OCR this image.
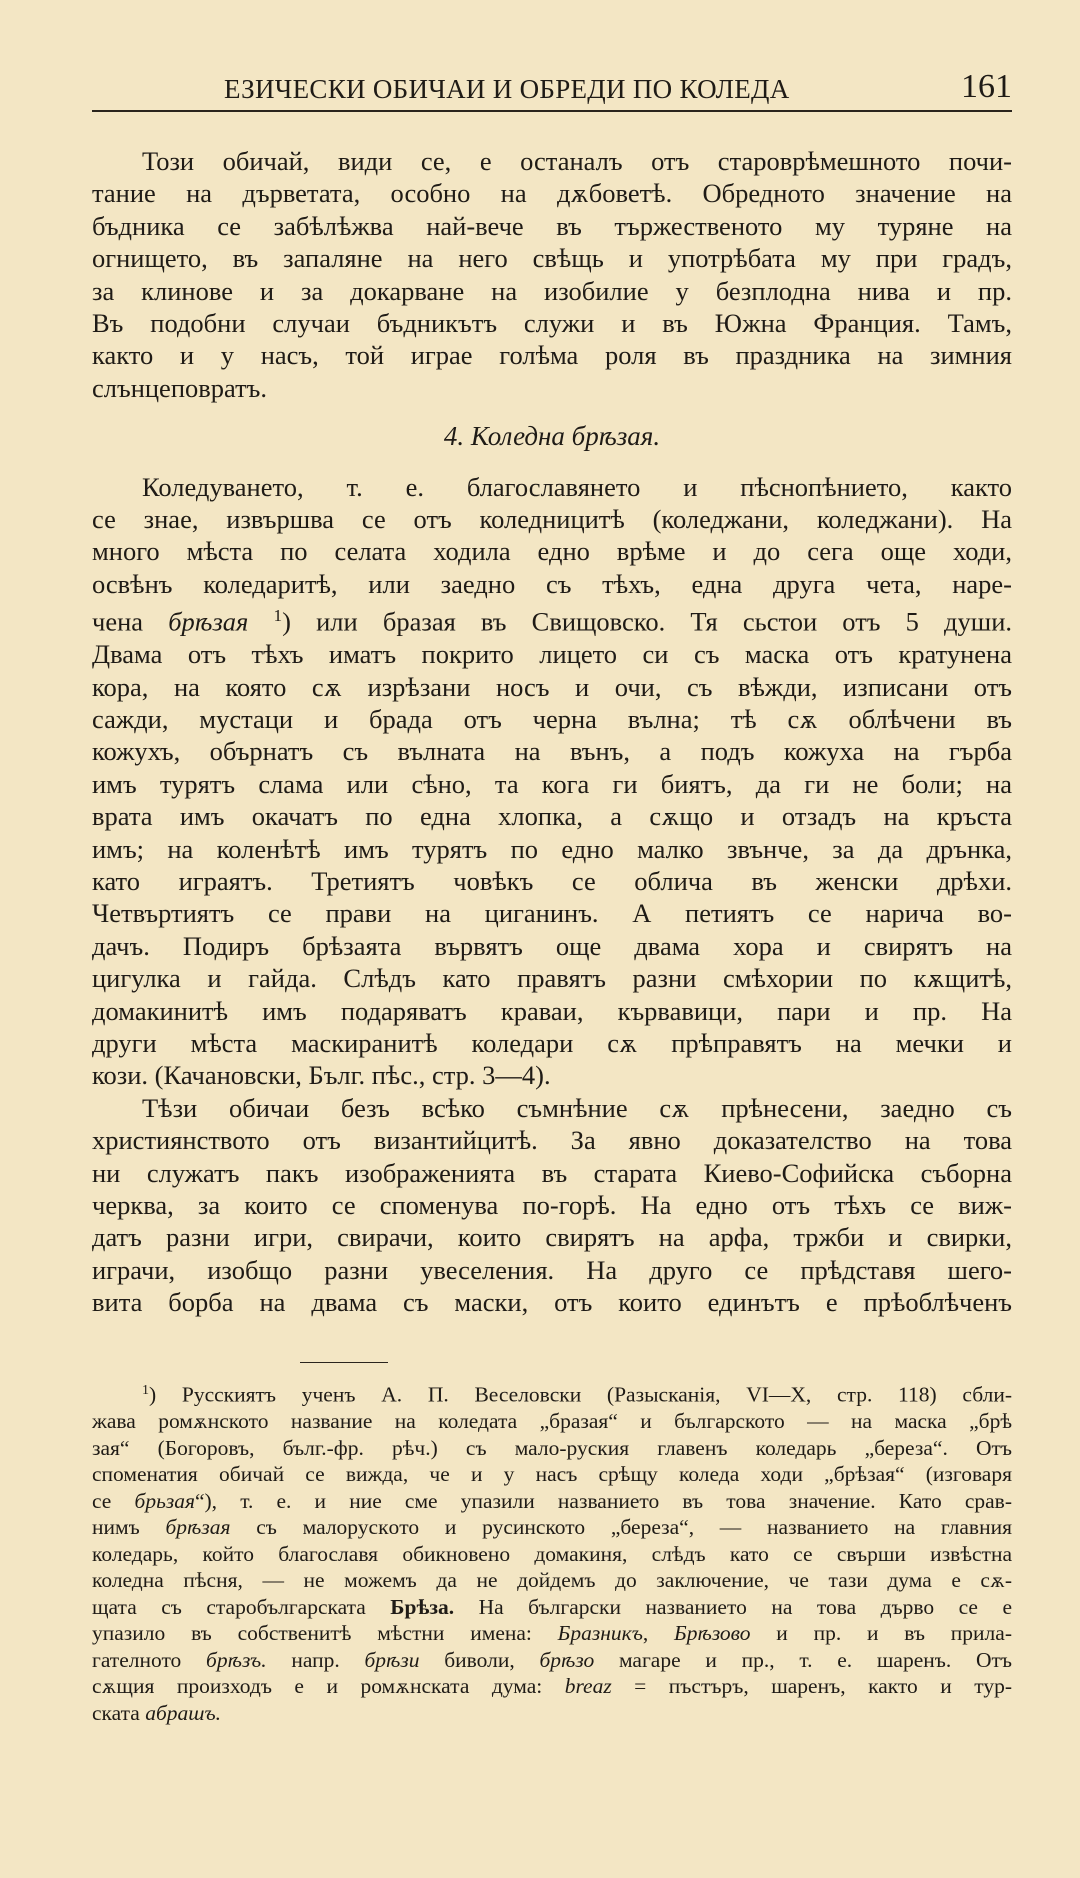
ЕЗИЧЕСКИ ОБИЧАИ И ОБРЕДИ ПО КОЛЕДА	161
Този обичай, види се, е останалъ отъ староврѣмешното почи-
тание на дърветата, особно на дѫбоветѣ. Обредното значение на
бъдника се забѣлѣжва най-вече въ тържественото му туряне на
огнището, въ запаляне на него свѣщь и употрѣбата му при градъ,
за клинове и за докарване на изобилие у безплодна нива и пр.
Въ подобни случаи бъдникътъ служи и въ Южна Франция. Тамъ,
както и у насъ, той играе голѣма роля въ праздника на зимния
слънцеповратъ.
4. Коледна брѣзая.
Коледуването, т. е. благославянето и пѣснопѣнието, както
се знае, извършва се отъ коледницитѣ (коледжани, коледжани). На
много мѣста по селата ходила едно врѣме и до сега още ходи,
освѣнъ коледаритѣ, или заедно съ тѣхъ, една друга чета, наре-
чена брѣзая $^1$) или бразая въ Свищовско. Тя сьстои отъ 5 души.
Двама отъ тѣхъ иматъ покрито лицето си съ маска отъ кратунена
кора, на която сѫ изрѣзани носъ и очи, съ вѣжди, изписани отъ
сажди, мустаци и брада отъ черна вълна; тѣ сѫ облѣчени въ
кожухъ, обърнатъ съ вълната на вънъ, а подъ кожуха на гърба
имъ турятъ слама или сѣно, та кога ги биятъ, да ги не боли; на
врата имъ окачатъ по една хлопка, а сѫщо и отзадъ на кръста
имъ; на коленѣтѣ имъ турятъ по едно малко звънче, за да дрънка,
като играятъ. Третиятъ човѣкъ се облича въ женски дрѣхи.
Четвъртиятъ се прави на циганинъ. А петиятъ се нарича во-
дачъ. Подиръ брѣзаята вървятъ още двама хора и свирятъ на
цигулка и гайда. Слѣдъ като правятъ разни смѣхории по кѫщитѣ,
домакинитѣ имъ подаряватъ краваи, кървавици, пари и пр. На
други мѣста маскиранитѣ коледари сѫ прѣправятъ на мечки и
кози. (Качановски, Бълг. пѣс., стр. 3—4).
Тѣзи обичаи безъ всѣко съмнѣние сѫ прѣнесени, заедно съ
християнството отъ византийцитѣ. За явно доказателство на това
ни служатъ пакъ изображенията въ старата Киево-Софийска съборна
черква, за които се споменува по-горѣ. На едно отъ тѣхъ се виж-
датъ разни игри, свирачи, които свирятъ на арфа, тржби и свирки,
играчи, изобщо разни увеселения. На друго се прѣдставя шего-
вита борба на двама съ маски, отъ които единътъ е прѣоблѣченъ
$^1$) Русскиятъ ученъ А. П. Веселовски (Разысканія, VI—X, стр. 118) сбли-
жава ромѫнското название на коледата „бразая“ и българското — на маска „брѣ
зая“ (Богоровъ, бълг.-фр. рѣч.) съ мало-руския главенъ коледарь „береза“. Отъ
споменатия обичай се вижда, че и у насъ срѣщу коледа ходи „брѣзая“ (изговаря
се брьзая“), т. е. и ние сме упазили названието въ това значение. Като срав-
нимъ брѣзая съ малорускoто и русинското „береза“, — названието на главния
коледарь, който благославя обикновено домакиня, слѣдъ като се свърши извѣстна
коледна пѣсня, — не можемъ да не дойдемъ до заключение, че тази дума е сѫ-
щата съ старобългарската Брѣза. На български названието на това дърво се е
упазило въ собственитѣ мѣстни имена: Бразникъ, Брѣзово и пр. и въ прила-
гателното брѣзъ. напр. брѣзи биволи, брѣзо магаре и пр., т. е. шаренъ. Отъ
сѫщия произходъ е и ромѫнската дума: breaz = пъстъръ, шаренъ, както и тур-
ската абрашъ.
